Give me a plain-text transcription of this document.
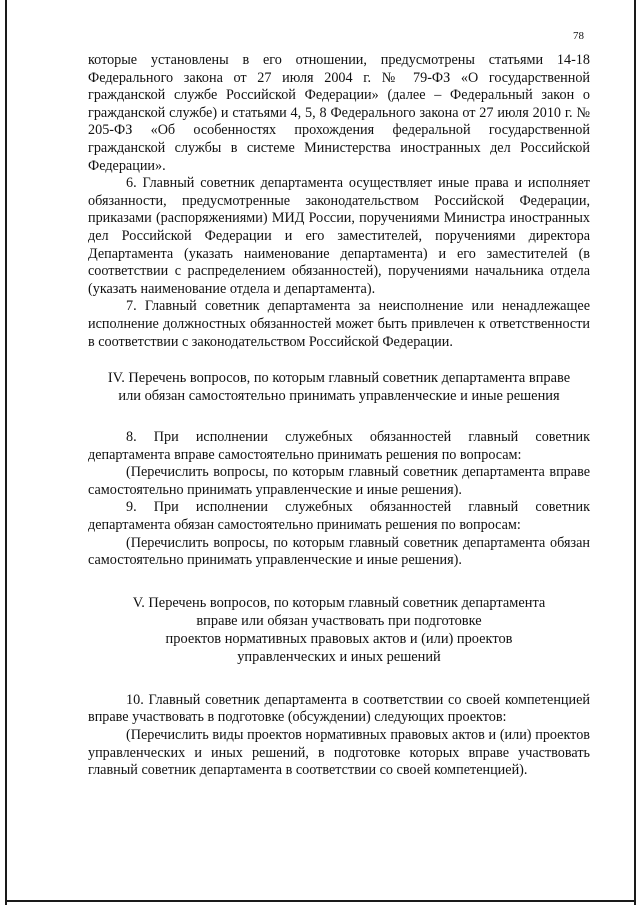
78

которые установлены в его отношении, предусмотрены статьями 14-18 Федерального закона от 27 июля 2004 г. № 79-ФЗ «О государственной гражданской службе Российской Федерации» (далее – Федеральный закон о гражданской службе) и статьями 4, 5, 8 Федерального закона от 27 июля 2010 г. № 205-ФЗ «Об особенностях прохождения федеральной государственной гражданской службы в системе Министерства иностранных дел Российской Федерации».

6. Главный советник департамента осуществляет иные права и исполняет обязанности, предусмотренные законодательством Российской Федерации, приказами (распоряжениями) МИД России, поручениями Министра иностранных дел Российской Федерации и его заместителей, поручениями директора Департамента (указать наименование департамента) и его заместителей (в соответствии с распределением обязанностей), поручениями начальника отдела (указать наименование отдела и департамента).

7. Главный советник департамента за неисполнение или ненадлежащее исполнение должностных обязанностей может быть привлечен к ответственности в соответствии с законодательством Российской Федерации.

IV. Перечень вопросов, по которым главный советник департамента вправе
или обязан самостоятельно принимать управленческие и иные решения

8. При исполнении служебных обязанностей главный советник департамента вправе самостоятельно принимать решения по вопросам:

(Перечислить вопросы, по которым главный советник департамента вправе самостоятельно принимать управленческие и иные решения).

9. При исполнении служебных обязанностей главный советник департамента обязан самостоятельно принимать решения по вопросам:

(Перечислить вопросы, по которым главный советник департамента обязан самостоятельно принимать управленческие и иные решения).

V. Перечень вопросов, по которым главный советник департамента
вправе или обязан участвовать при подготовке
проектов нормативных правовых актов и (или) проектов
управленческих и иных решений

10. Главный советник департамента в соответствии со своей компетенцией вправе участвовать в подготовке (обсуждении) следующих проектов:

(Перечислить виды проектов нормативных правовых актов и (или) проектов управленческих и иных решений, в подготовке которых вправе участвовать главный советник департамента в соответствии со своей компетенцией).
